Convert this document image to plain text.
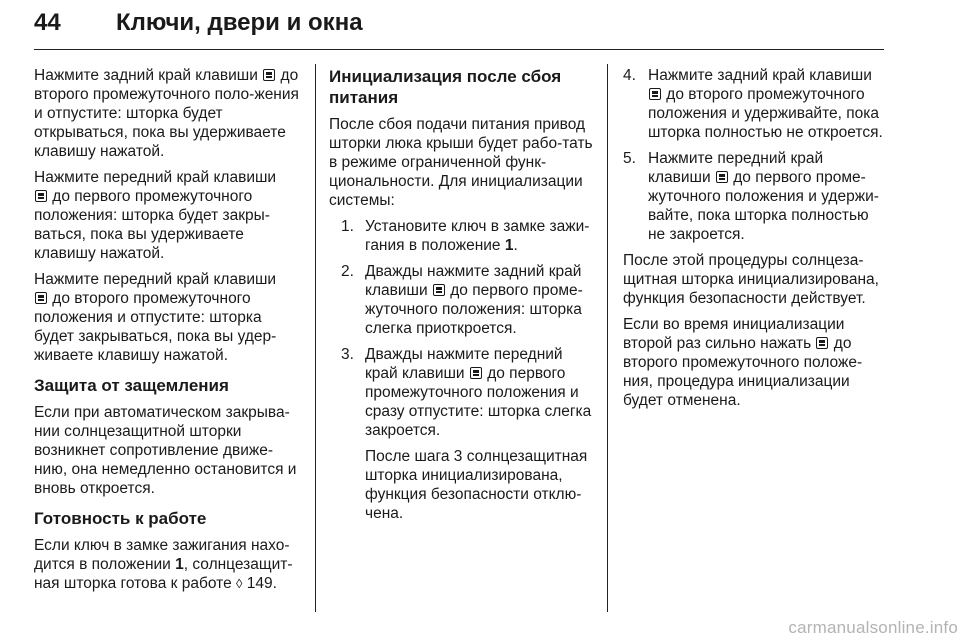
44 Ключи, двери и окна

Нажмите задний край клавиши  до второго промежуточного поло-жения и отпустите: шторка будет открываться, пока вы удерживаете клавишу нажатой.

Нажмите передний край клавиши
до первого промежуточного положения: шторка будет закры-ваться, пока вы удерживаете клавишу нажатой.

Нажмите передний край клавиши
до второго промежуточного положения и отпустите: шторка будет закрываться, пока вы удер-живаете клавишу нажатой.

Защита от защемления

Если при автоматическом закрыва-нии солнцезащитной шторки возникнет сопротивление движе-нию, она немедленно остановится и вновь откроется.

Готовность к работе

Если ключ в замке зажигания нахо-дится в положении 1, солнцезащит-ная шторка готова к работе ◊ 149.

Инициализация после сбоя питания

После сбоя подачи питания привод шторки люка крыши будет рабо-тать в режиме ограниченной функ-циональности. Для инициализации системы:

1. Установите ключ в замке зажи-гания в положение 1.
2. Дважды нажмите задний край клавиши  до первого проме-жуточного положения: шторка слегка приоткроется.
3. Дважды нажмите передний край клавиши  до первого промежуточного положения и сразу отпустите: шторка слегка закроется.
После шага 3 солнцезащитная шторка инициализирована, функция безопасности отклю-чена.
4. Нажмите задний край клавиши
до второго промежуточного положения и удерживайте, пока шторка полностью не откроется.
5. Нажмите передний край клавиши  до первого проме-жуточного положения и удержи-вайте, пока шторка полностью не закроется.

После этой процедуры солнцеза-щитная шторка инициализирована, функция безопасности действует.

Если во время инициализации второй раз сильно нажать  до второго промежуточного положе-ния, процедура инициализации будет отменена.

carmanualsonline.info
